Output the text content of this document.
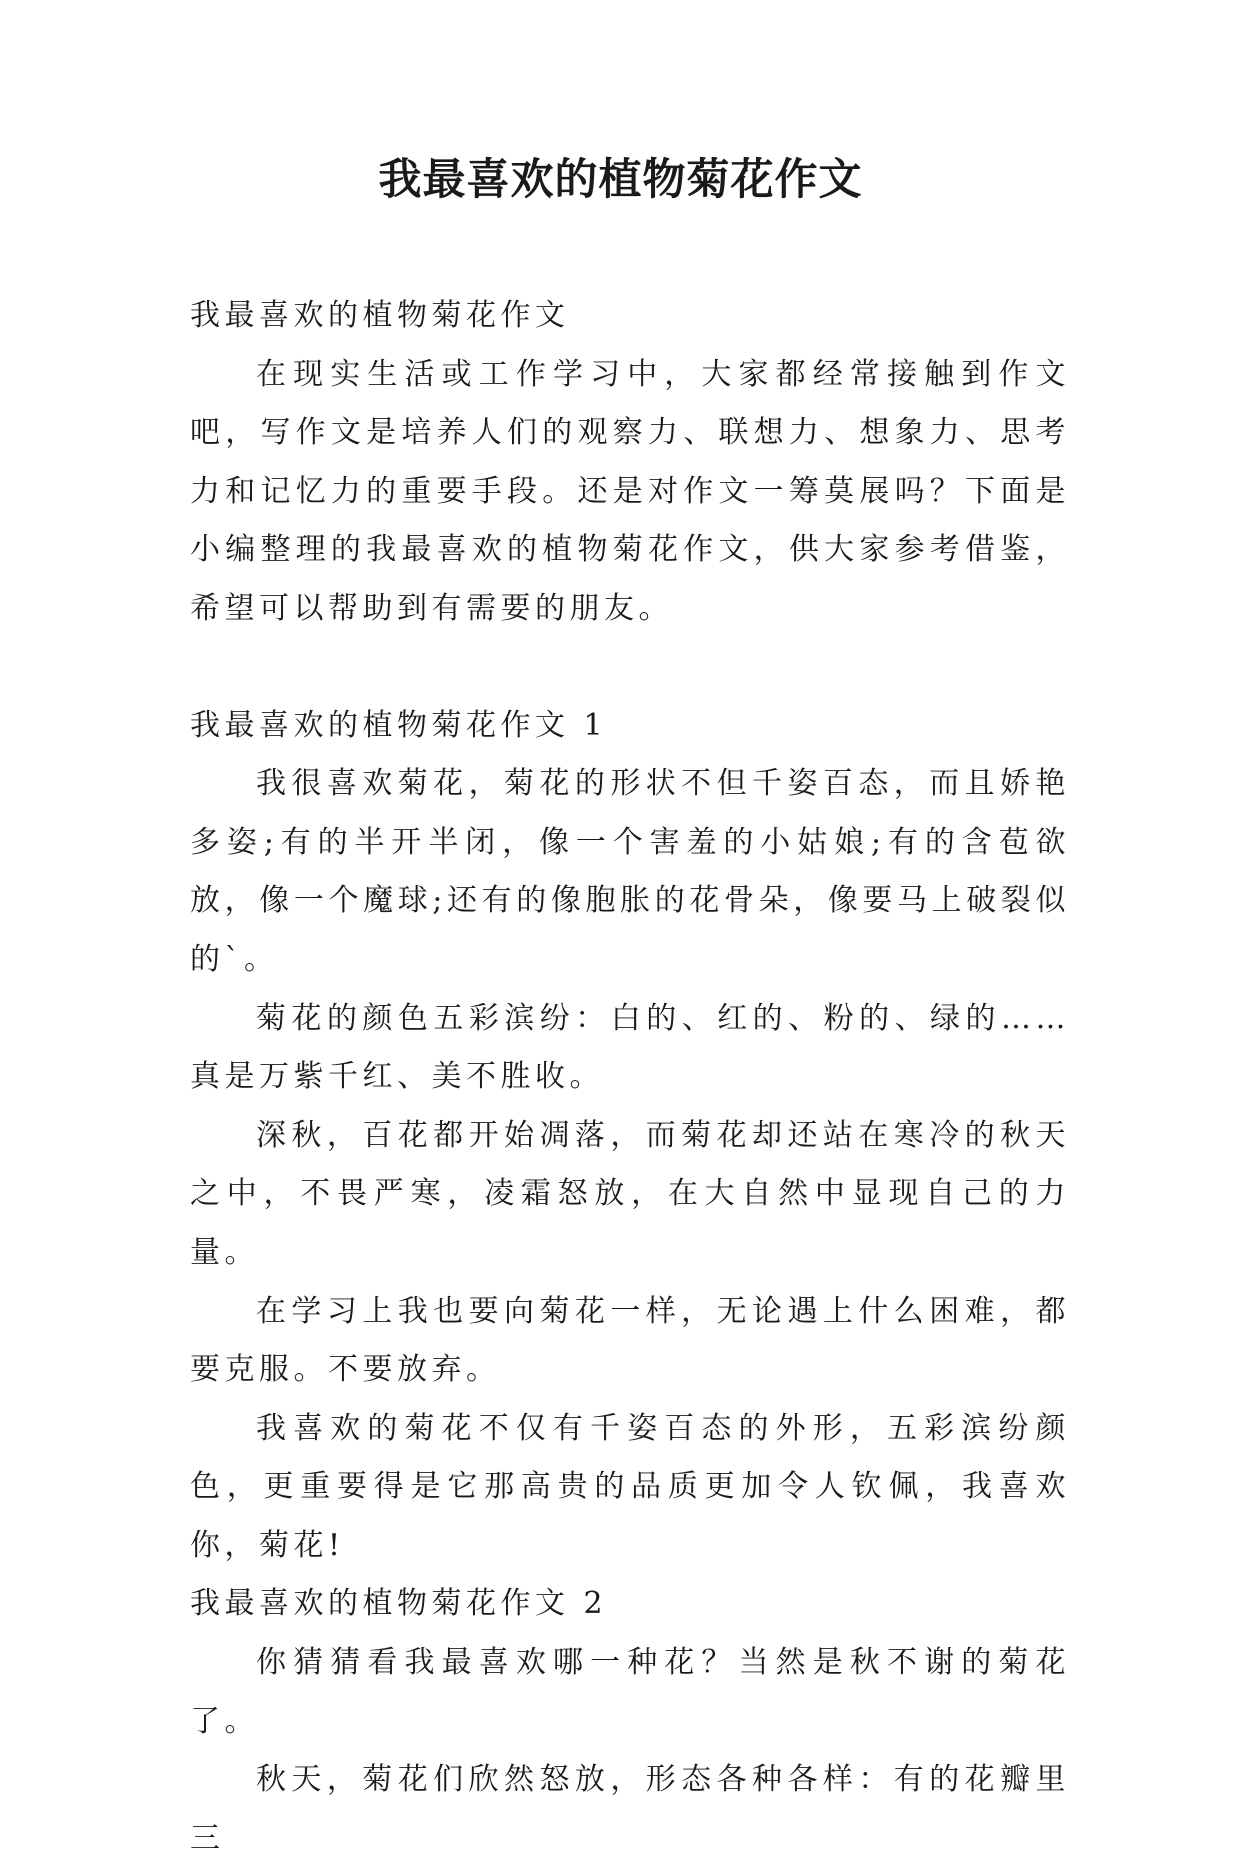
我最喜欢的植物菊花作文

我最喜欢的植物菊花作文

在现实生活或工作学习中，大家都经常接触到作文吧，写作文是培养人们的观察力、联想力、想象力、思考力和记忆力的重要手段。还是对作文一筹莫展吗？下面是小编整理的我最喜欢的植物菊花作文，供大家参考借鉴，希望可以帮助到有需要的朋友。

我最喜欢的植物菊花作文 1

我很喜欢菊花，菊花的形状不但千姿百态，而且娇艳多姿;有的半开半闭，像一个害羞的小姑娘;有的含苞欲放，像一个魔球;还有的像胞胀的花骨朵，像要马上破裂似的`。

菊花的颜色五彩滨纷：白的、红的、粉的、绿的……真是万紫千红、美不胜收。

深秋，百花都开始凋落，而菊花却还站在寒冷的秋天之中，不畏严寒，凌霜怒放，在大自然中显现自己的力量。

在学习上我也要向菊花一样，无论遇上什么困难，都要克服。不要放弃。

我喜欢的菊花不仅有千姿百态的外形，五彩滨纷颜色，更重要得是它那高贵的品质更加令人钦佩，我喜欢你，菊花!

我最喜欢的植物菊花作文 2

你猜猜看我最喜欢哪一种花？当然是秋不谢的菊花了。

秋天，菊花们欣然怒放，形态各种各样：有的花瓣里三
